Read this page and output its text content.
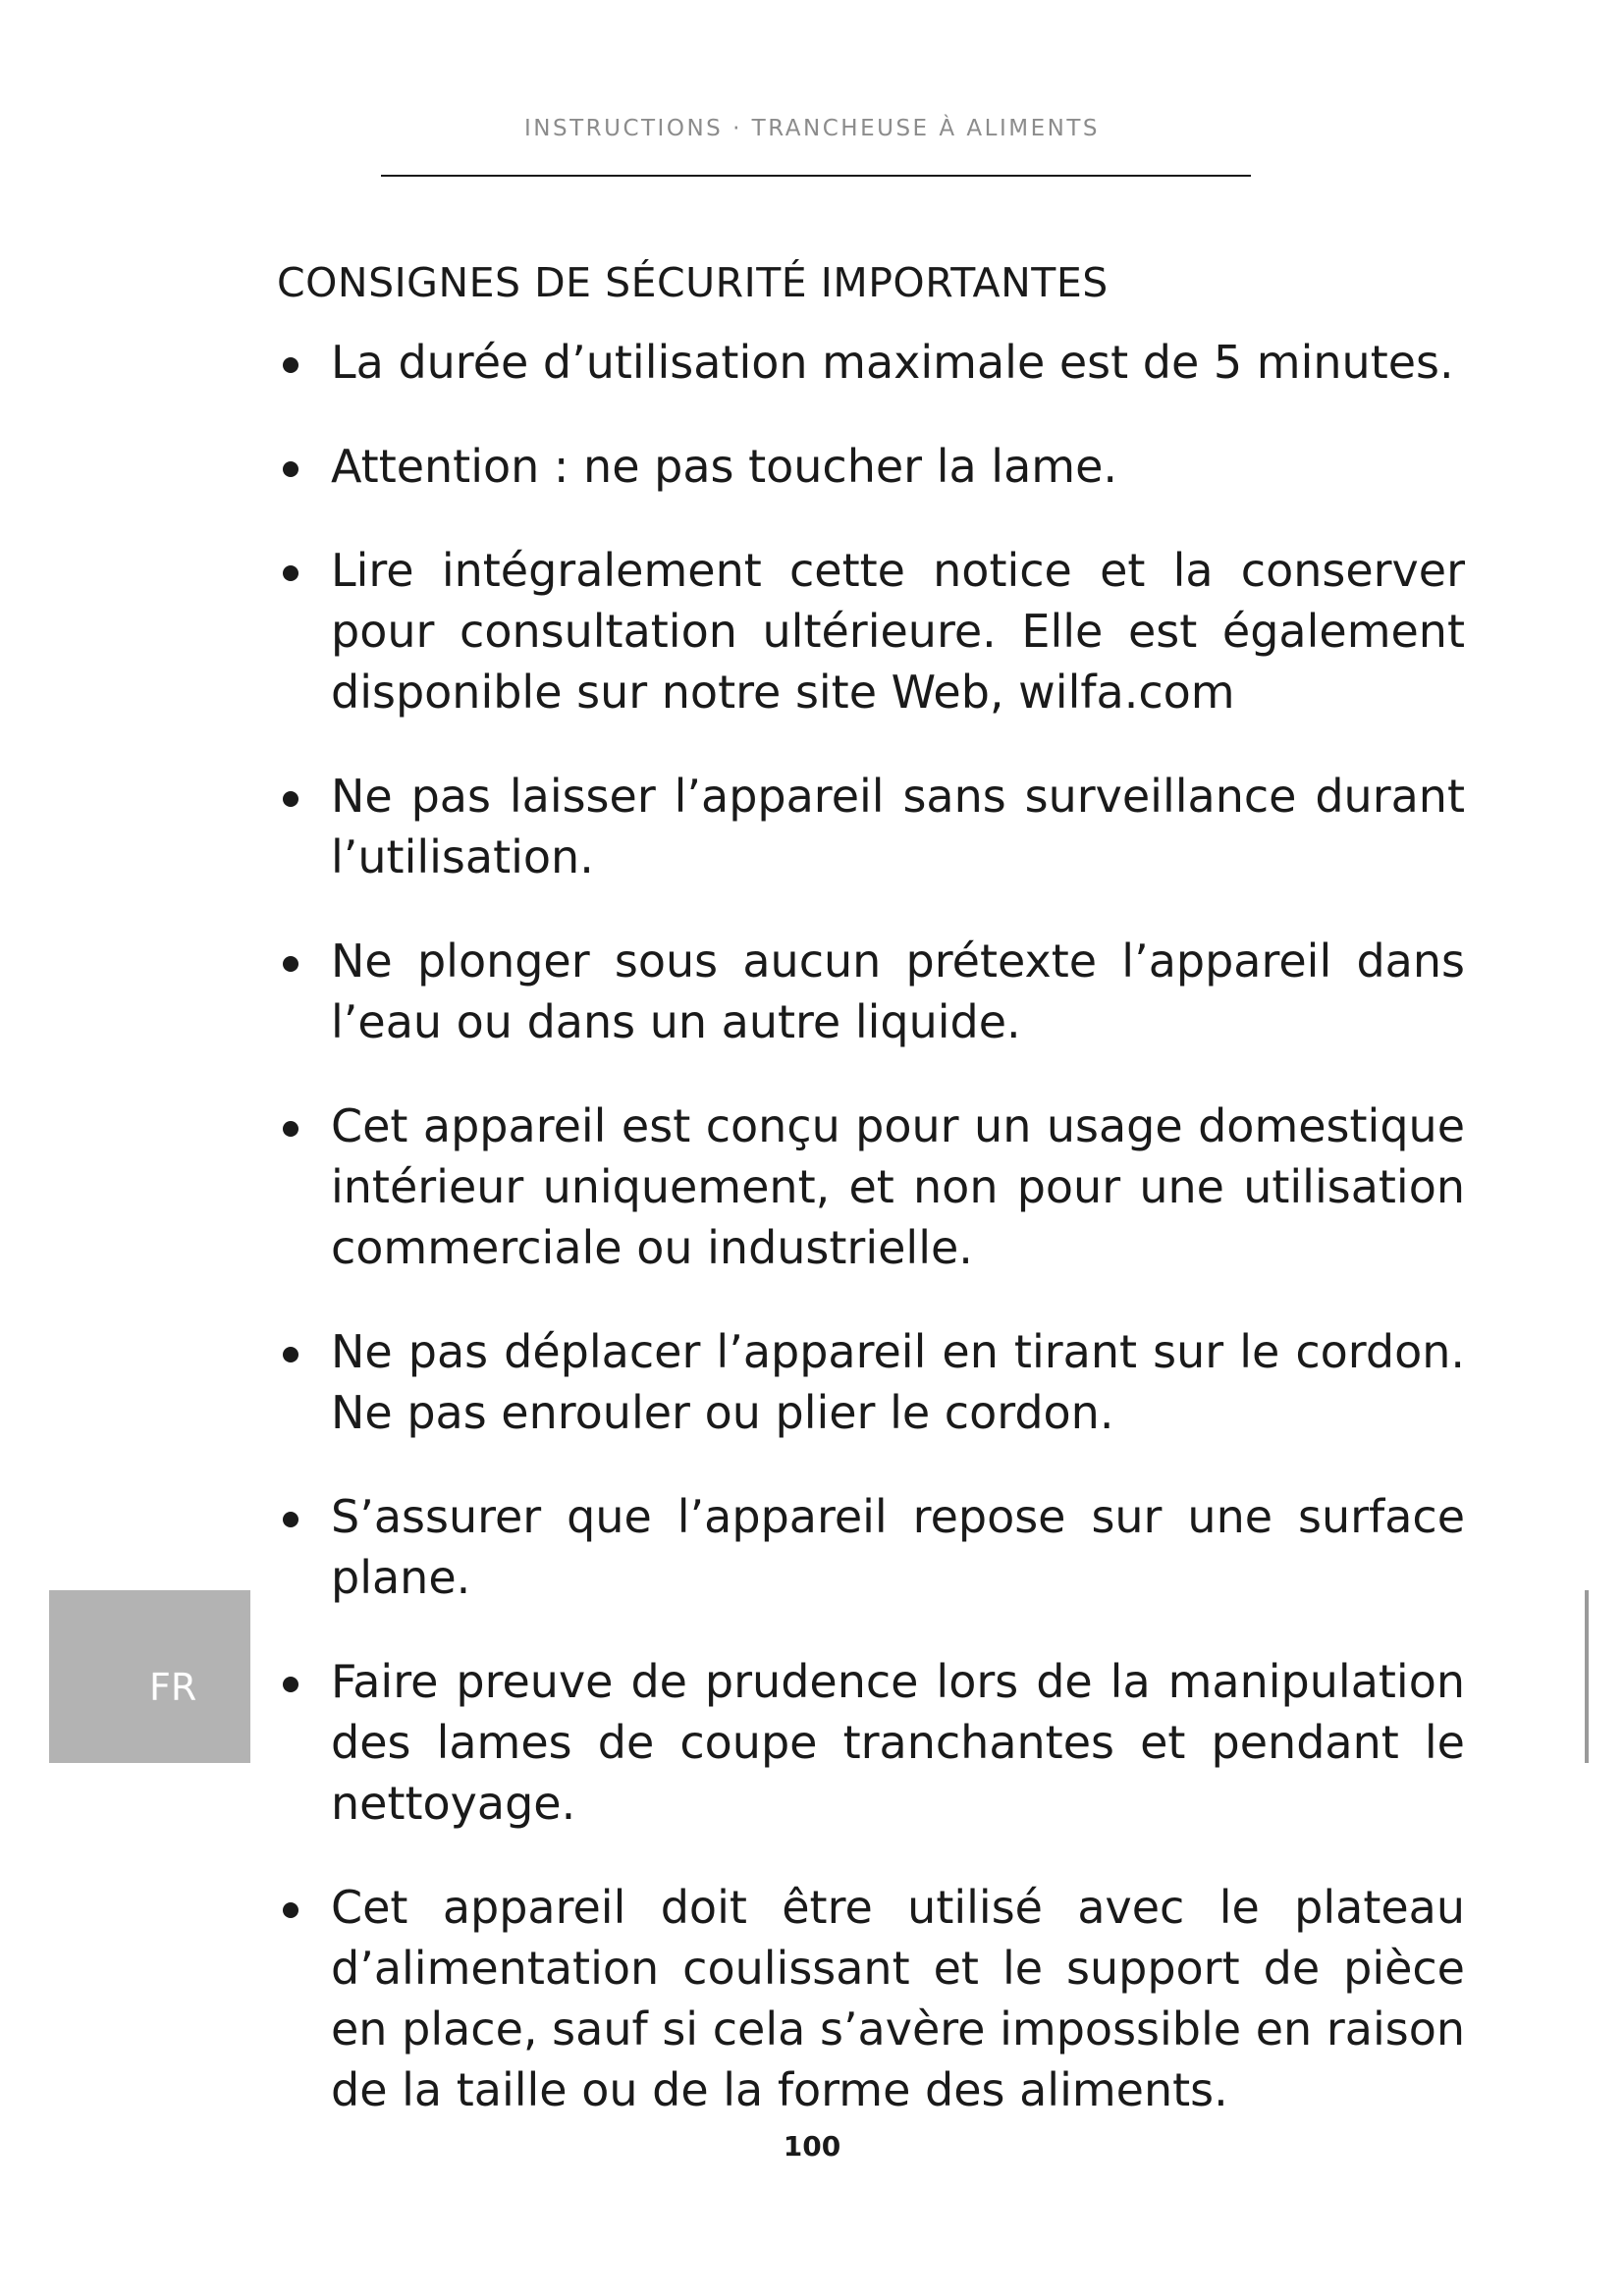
INSTRUCTIONS · TRANCHEUSE À ALIMENTS
CONSIGNES DE SÉCURITÉ IMPORTANTES
La durée d’utilisation maximale est de 5 minutes.
Attention : ne pas toucher la lame.
Lire intégralement cette notice et la conserver pour consultation ultérieure. Elle est également disponible sur notre site Web, wilfa.com
Ne pas laisser l’appareil sans surveillance durant l’utilisation.
Ne plonger sous aucun prétexte l’appareil dans l’eau ou dans un autre liquide.
Cet appareil est conçu pour un usage domestique intérieur uniquement, et non pour une utilisation commerciale ou industrielle.
Ne pas déplacer l’appareil en tirant sur le cordon. Ne pas enrouler ou plier le cordon.
S’assurer que l’appareil repose sur une surface plane.
Faire preuve de prudence lors de la manipulation des lames de coupe tranchantes et pendant le nettoyage.
Cet appareil doit être utilisé avec le plateau d’alimentation coulissant et le support de pièce en place, sauf si cela s’avère impossible en raison de la taille ou de la forme des aliments.
FR
100
